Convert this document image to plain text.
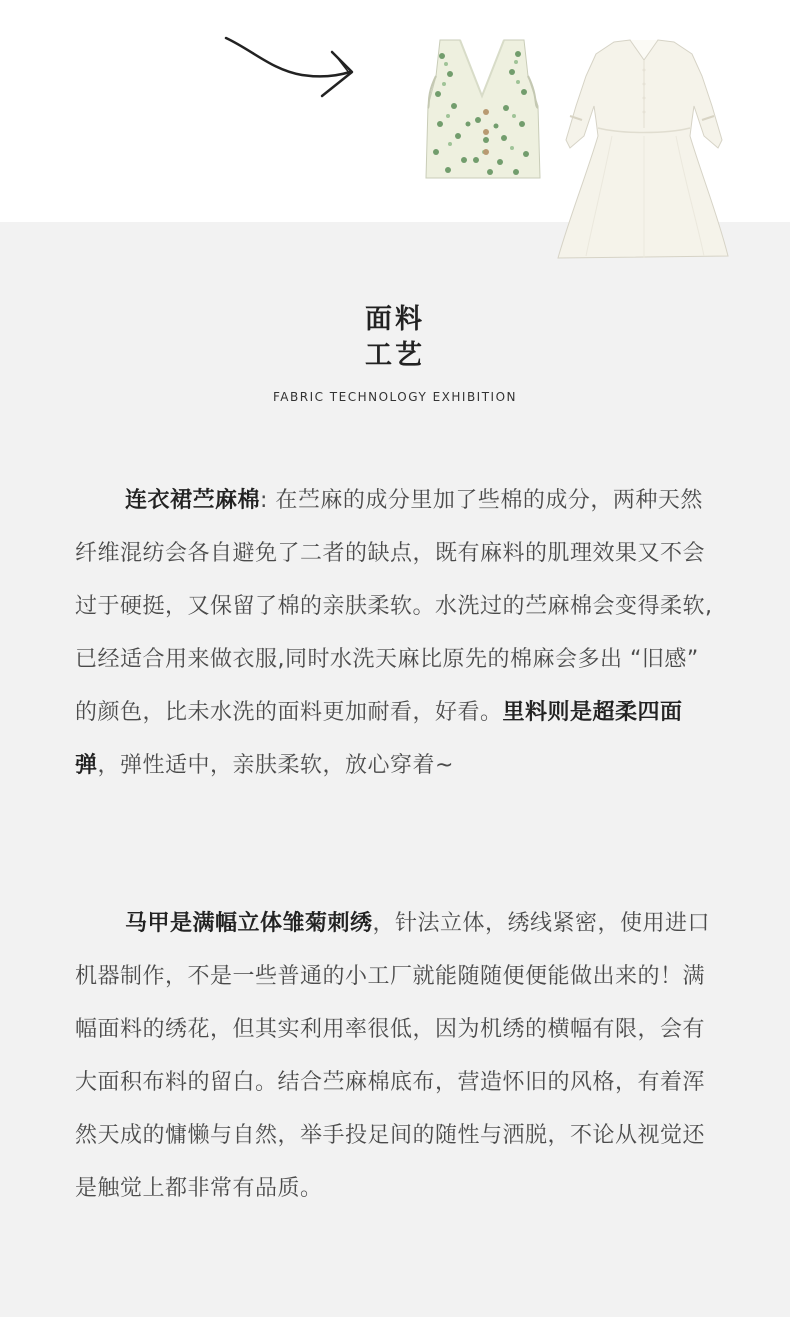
面料
工艺
FABRIC TECHNOLOGY EXHIBITION
连衣裙苎麻棉: 在苎麻的成分里加了些棉的成分，两种天然纤维混纺会各自避免了二者的缺点，既有麻料的肌理效果又不会过于硬挺，又保留了棉的亲肤柔软。水洗过的苎麻棉会变得柔软,已经适合用来做衣服,同时水洗天麻比原先的棉麻会多出 “旧感” 的颜色，比未水洗的面料更加耐看，好看。里料则是超柔四面弹，弹性适中，亲肤柔软，放心穿着~
马甲是满幅立体雏菊刺绣，针法立体，绣线紧密，使用进口机器制作，不是一些普通的小工厂就能随随便便能做出来的！满幅面料的绣花，但其实利用率很低，因为机绣的横幅有限，会有大面积布料的留白。结合苎麻棉底布，营造怀旧的风格，有着浑然天成的慵懒与自然，举手投足间的随性与洒脱，不论从视觉还是触觉上都非常有品质。
